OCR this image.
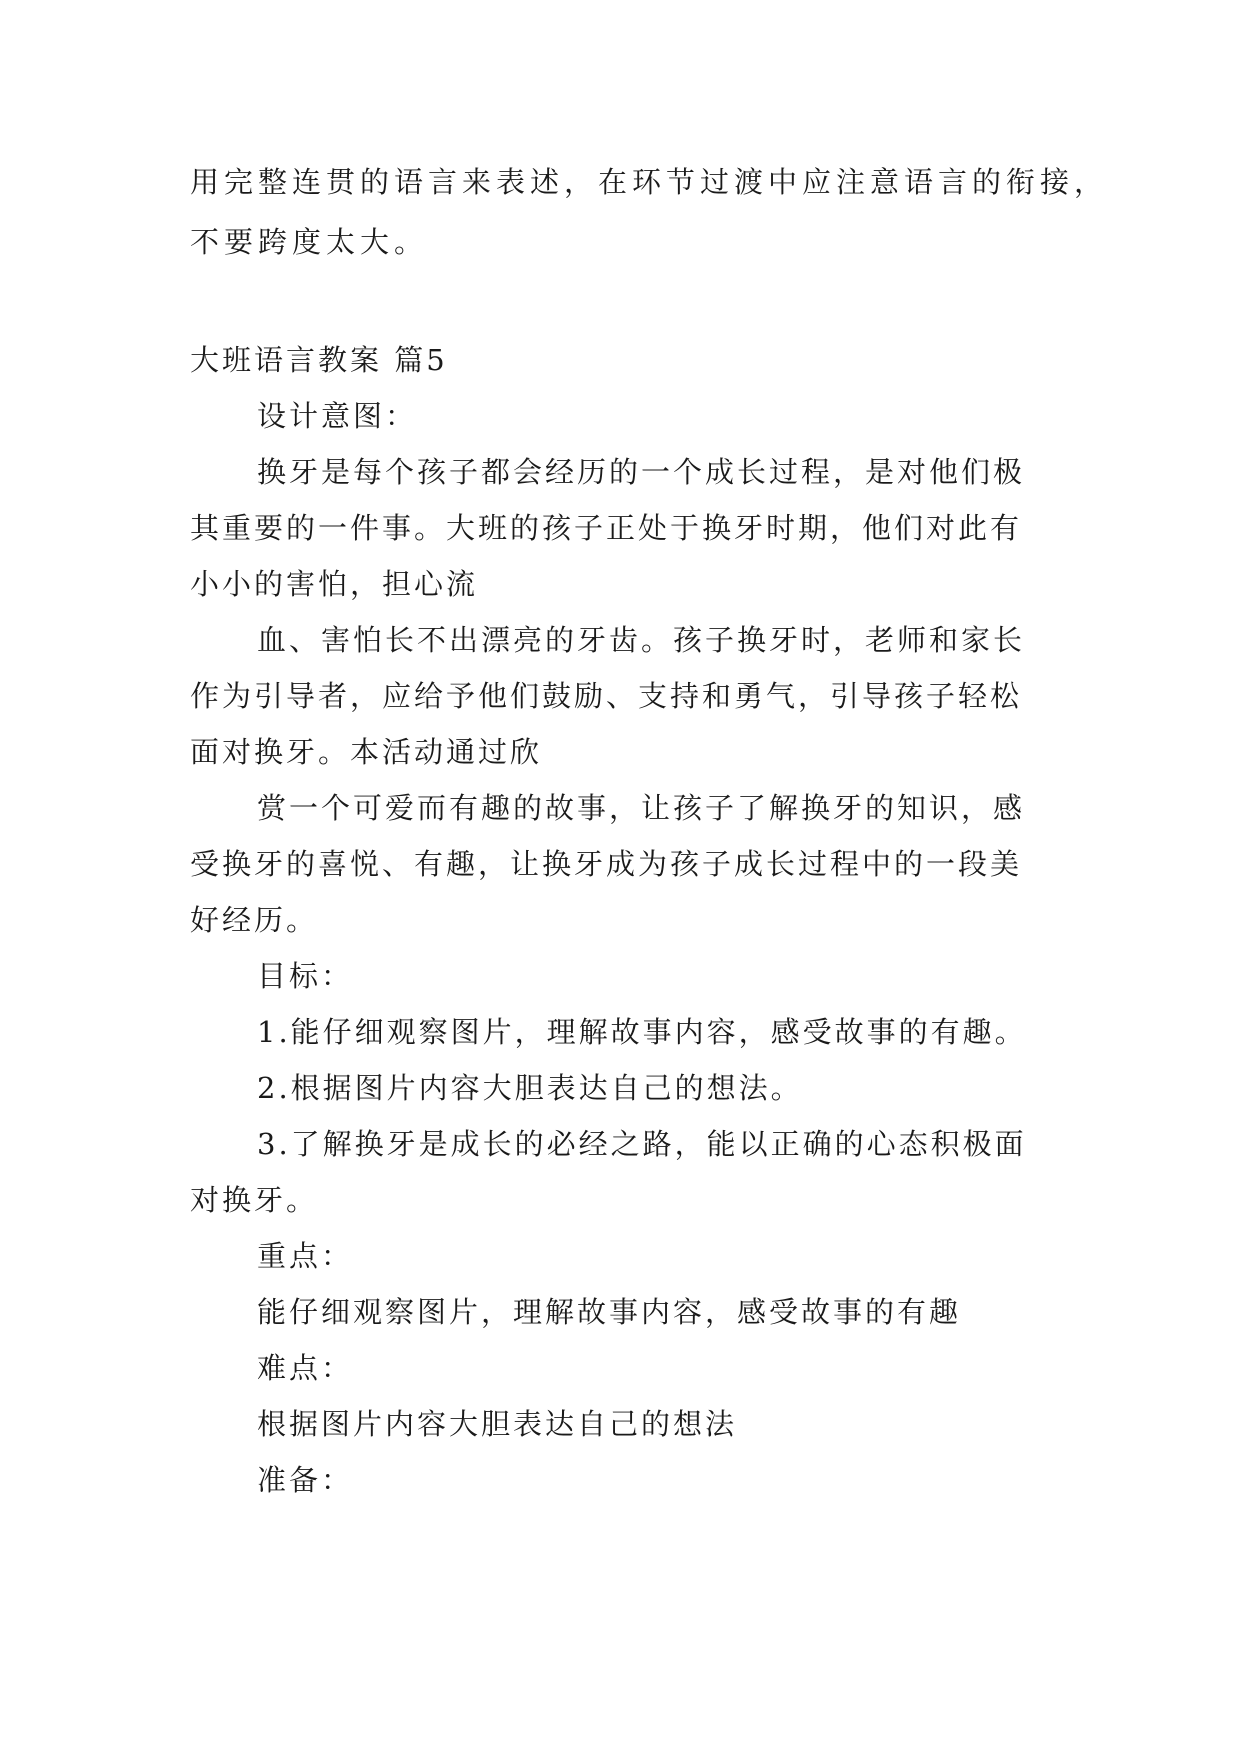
用完整连贯的语言来表述，在环节过渡中应注意语言的衔接，
不要跨度太大。
大班语言教案 篇5
设计意图：
换牙是每个孩子都会经历的一个成长过程，是对他们极
其重要的一件事。大班的孩子正处于换牙时期，他们对此有
小小的害怕，担心流
血、害怕长不出漂亮的牙齿。孩子换牙时，老师和家长
作为引导者，应给予他们鼓励、支持和勇气，引导孩子轻松
面对换牙。本活动通过欣
赏一个可爱而有趣的故事，让孩子了解换牙的知识，感
受换牙的喜悦、有趣，让换牙成为孩子成长过程中的一段美
好经历。
目标：
1.能仔细观察图片，理解故事内容，感受故事的有趣。
2.根据图片内容大胆表达自己的想法。
3.了解换牙是成长的必经之路，能以正确的心态积极面
对换牙。
重点：
能仔细观察图片，理解故事内容，感受故事的有趣
难点：
根据图片内容大胆表达自己的想法
准备：
